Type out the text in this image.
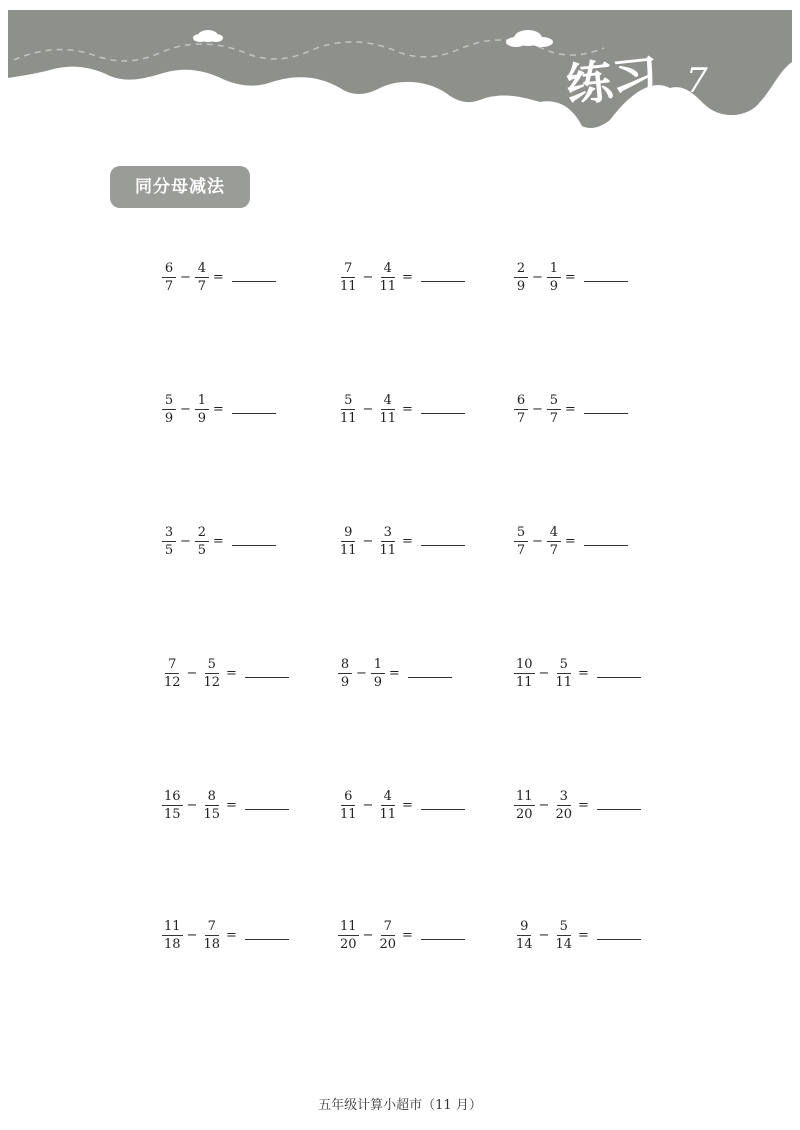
练习 7
同分母减法
$\frac{6}{7} - \frac{4}{7}$ =	$\frac{7}{11} - \frac{4}{11}$ =	$\frac{2}{9} - \frac{1}{9}$ =
$\frac{5}{9} - \frac{1}{9}$ =	$\frac{5}{11} - \frac{4}{11}$ =	$\frac{6}{7} - \frac{5}{7}$ =
$\frac{3}{5} - \frac{2}{5}$ =	$\frac{9}{11} - \frac{3}{11}$ =	$\frac{5}{7} - \frac{4}{7}$ =
$\frac{7}{12} - \frac{5}{12}$ =	$\frac{8}{9} - \frac{1}{9}$ =	$\frac{10}{11} - \frac{5}{11}$ =
$\frac{16}{15} - \frac{8}{15}$ =	$\frac{6}{11} - \frac{4}{11}$ =	$\frac{11}{20} - \frac{3}{20}$ =
$\frac{11}{18} - \frac{7}{18}$ =	$\frac{11}{20} - \frac{7}{20}$ =	$\frac{9}{14} - \frac{5}{14}$ =
五年级计算小超市（11 月）
